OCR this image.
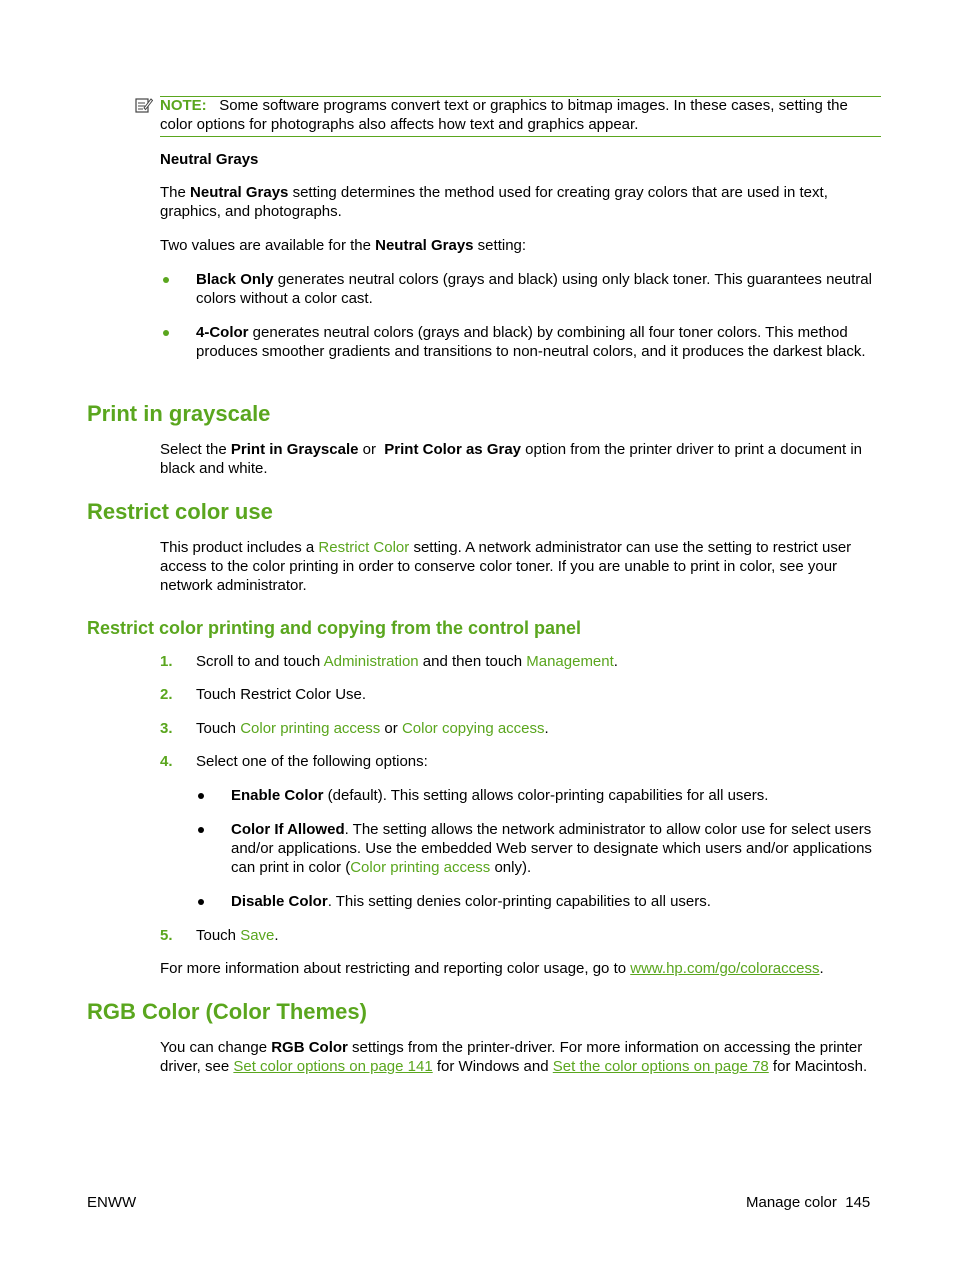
NOTE: Some software programs convert text or graphics to bitmap images. In these cases, setting the color options for photographs also affects how text and graphics appear.
Neutral Grays
The Neutral Grays setting determines the method used for creating gray colors that are used in text, graphics, and photographs.
Two values are available for the Neutral Grays setting:
Black Only generates neutral colors (grays and black) using only black toner. This guarantees neutral colors without a color cast.
4-Color generates neutral colors (grays and black) by combining all four toner colors. This method produces smoother gradients and transitions to non-neutral colors, and it produces the darkest black.
Print in grayscale
Select the Print in Grayscale or  Print Color as Gray option from the printer driver to print a document in black and white.
Restrict color use
This product includes a Restrict Color setting. A network administrator can use the setting to restrict user access to the color printing in order to conserve color toner. If you are unable to print in color, see your network administrator.
Restrict color printing and copying from the control panel
1. Scroll to and touch Administration and then touch Management.
2. Touch Restrict Color Use.
3. Touch Color printing access or Color copying access.
4. Select one of the following options:
Enable Color (default). This setting allows color-printing capabilities for all users.
Color If Allowed. The setting allows the network administrator to allow color use for select users and/or applications. Use the embedded Web server to designate which users and/or applications can print in color (Color printing access only).
Disable Color. This setting denies color-printing capabilities to all users.
5. Touch Save.
For more information about restricting and reporting color usage, go to www.hp.com/go/coloraccess.
RGB Color (Color Themes)
You can change RGB Color settings from the printer-driver. For more information on accessing the printer driver, see Set color options on page 141 for Windows and Set the color options on page 78 for Macintosh.
ENWW	Manage color 145
